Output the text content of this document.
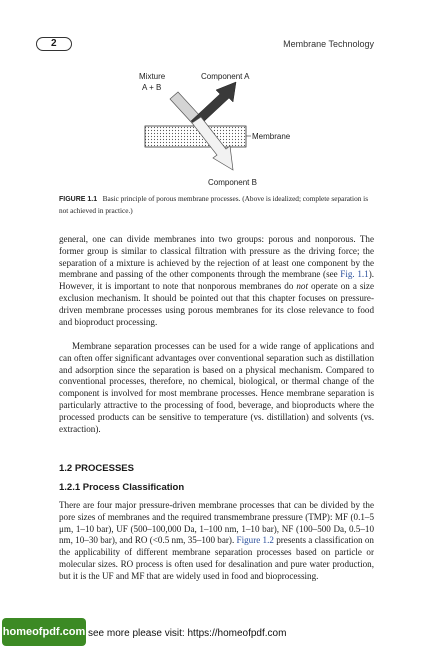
2	Membrane Technology
Mixture
A + B
Component A
Membrane
Component B
FIGURE 1.1 Basic principle of porous membrane processes. (Above is idealized; complete separation is not achieved in practice.)
general, one can divide membranes into two groups: porous and nonporous. The former group is similar to classical filtration with pressure as the driving force; the separation of a mixture is achieved by the rejection of at least one component by the membrane and passing of the other components through the membrane (see Fig. 1.1). However, it is important to note that nonporous membranes do not operate on a size exclusion mechanism. It should be pointed out that this chapter focuses on pressure-driven membrane processes using porous membranes for its close relevance to food and bioproduct processing.
Membrane separation processes can be used for a wide range of applications and can often offer significant advantages over conventional separation such as distillation and adsorption since the separation is based on a physical mechanism. Compared to conventional processes, therefore, no chemical, biological, or thermal change of the component is involved for most membrane processes. Hence membrane separation is particularly attractive to the processing of food, beverage, and bioproducts where the processed products can be sensitive to temperature (vs. distillation) and solvents (vs. extraction).
1.2 PROCESSES
1.2.1 Process Classification
There are four major pressure-driven membrane processes that can be divided by the pore sizes of membranes and the required transmembrane pressure (TMP): MF (0.1–5 μm, 1–10 bar), UF (500–100,000 Da, 1–100 nm, 1–10 bar), NF (100–500 Da, 0.5–10 nm, 10–30 bar), and RO (<0.5 nm, 35–100 bar). Figure 1.2 presents a classification on the applicability of different membrane separation processes based on particle or molecular sizes. RO process is often used for desalination and pure water production, but it is the UF and MF that are widely used in food and bioprocessing.
homeofpdf.com see more please visit: https://homeofpdf.com
